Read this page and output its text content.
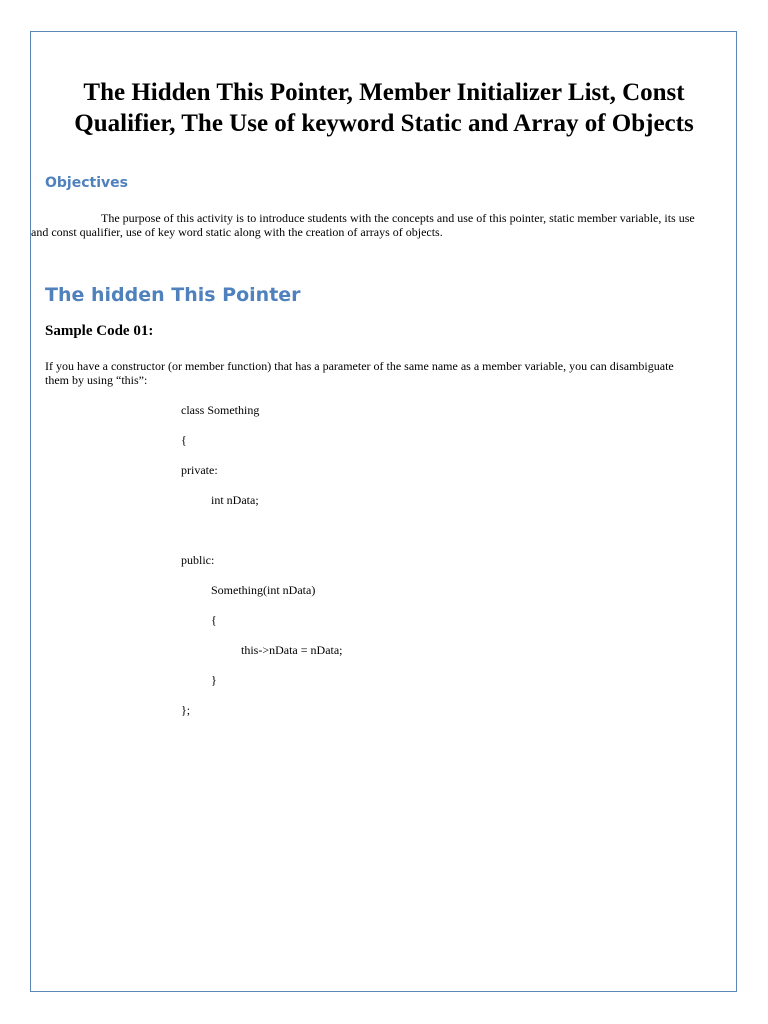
The Hidden This Pointer, Member Initializer List, Const Qualifier, The Use of keyword Static and Array of Objects
Objectives

The purpose of this activity is to introduce students with the concepts and use of this pointer, static member variable, its use and const qualifier, use of key word static along with the creation of arrays of objects.

The hidden This Pointer
Sample Code 01:

If you have a constructor (or member function) that has a parameter of the same name as a member variable, you can disambiguate them by using “this”:

class Something
{
private:
int nData;
public:
Something(int nData)
{
this->nData = nData;
}
};
